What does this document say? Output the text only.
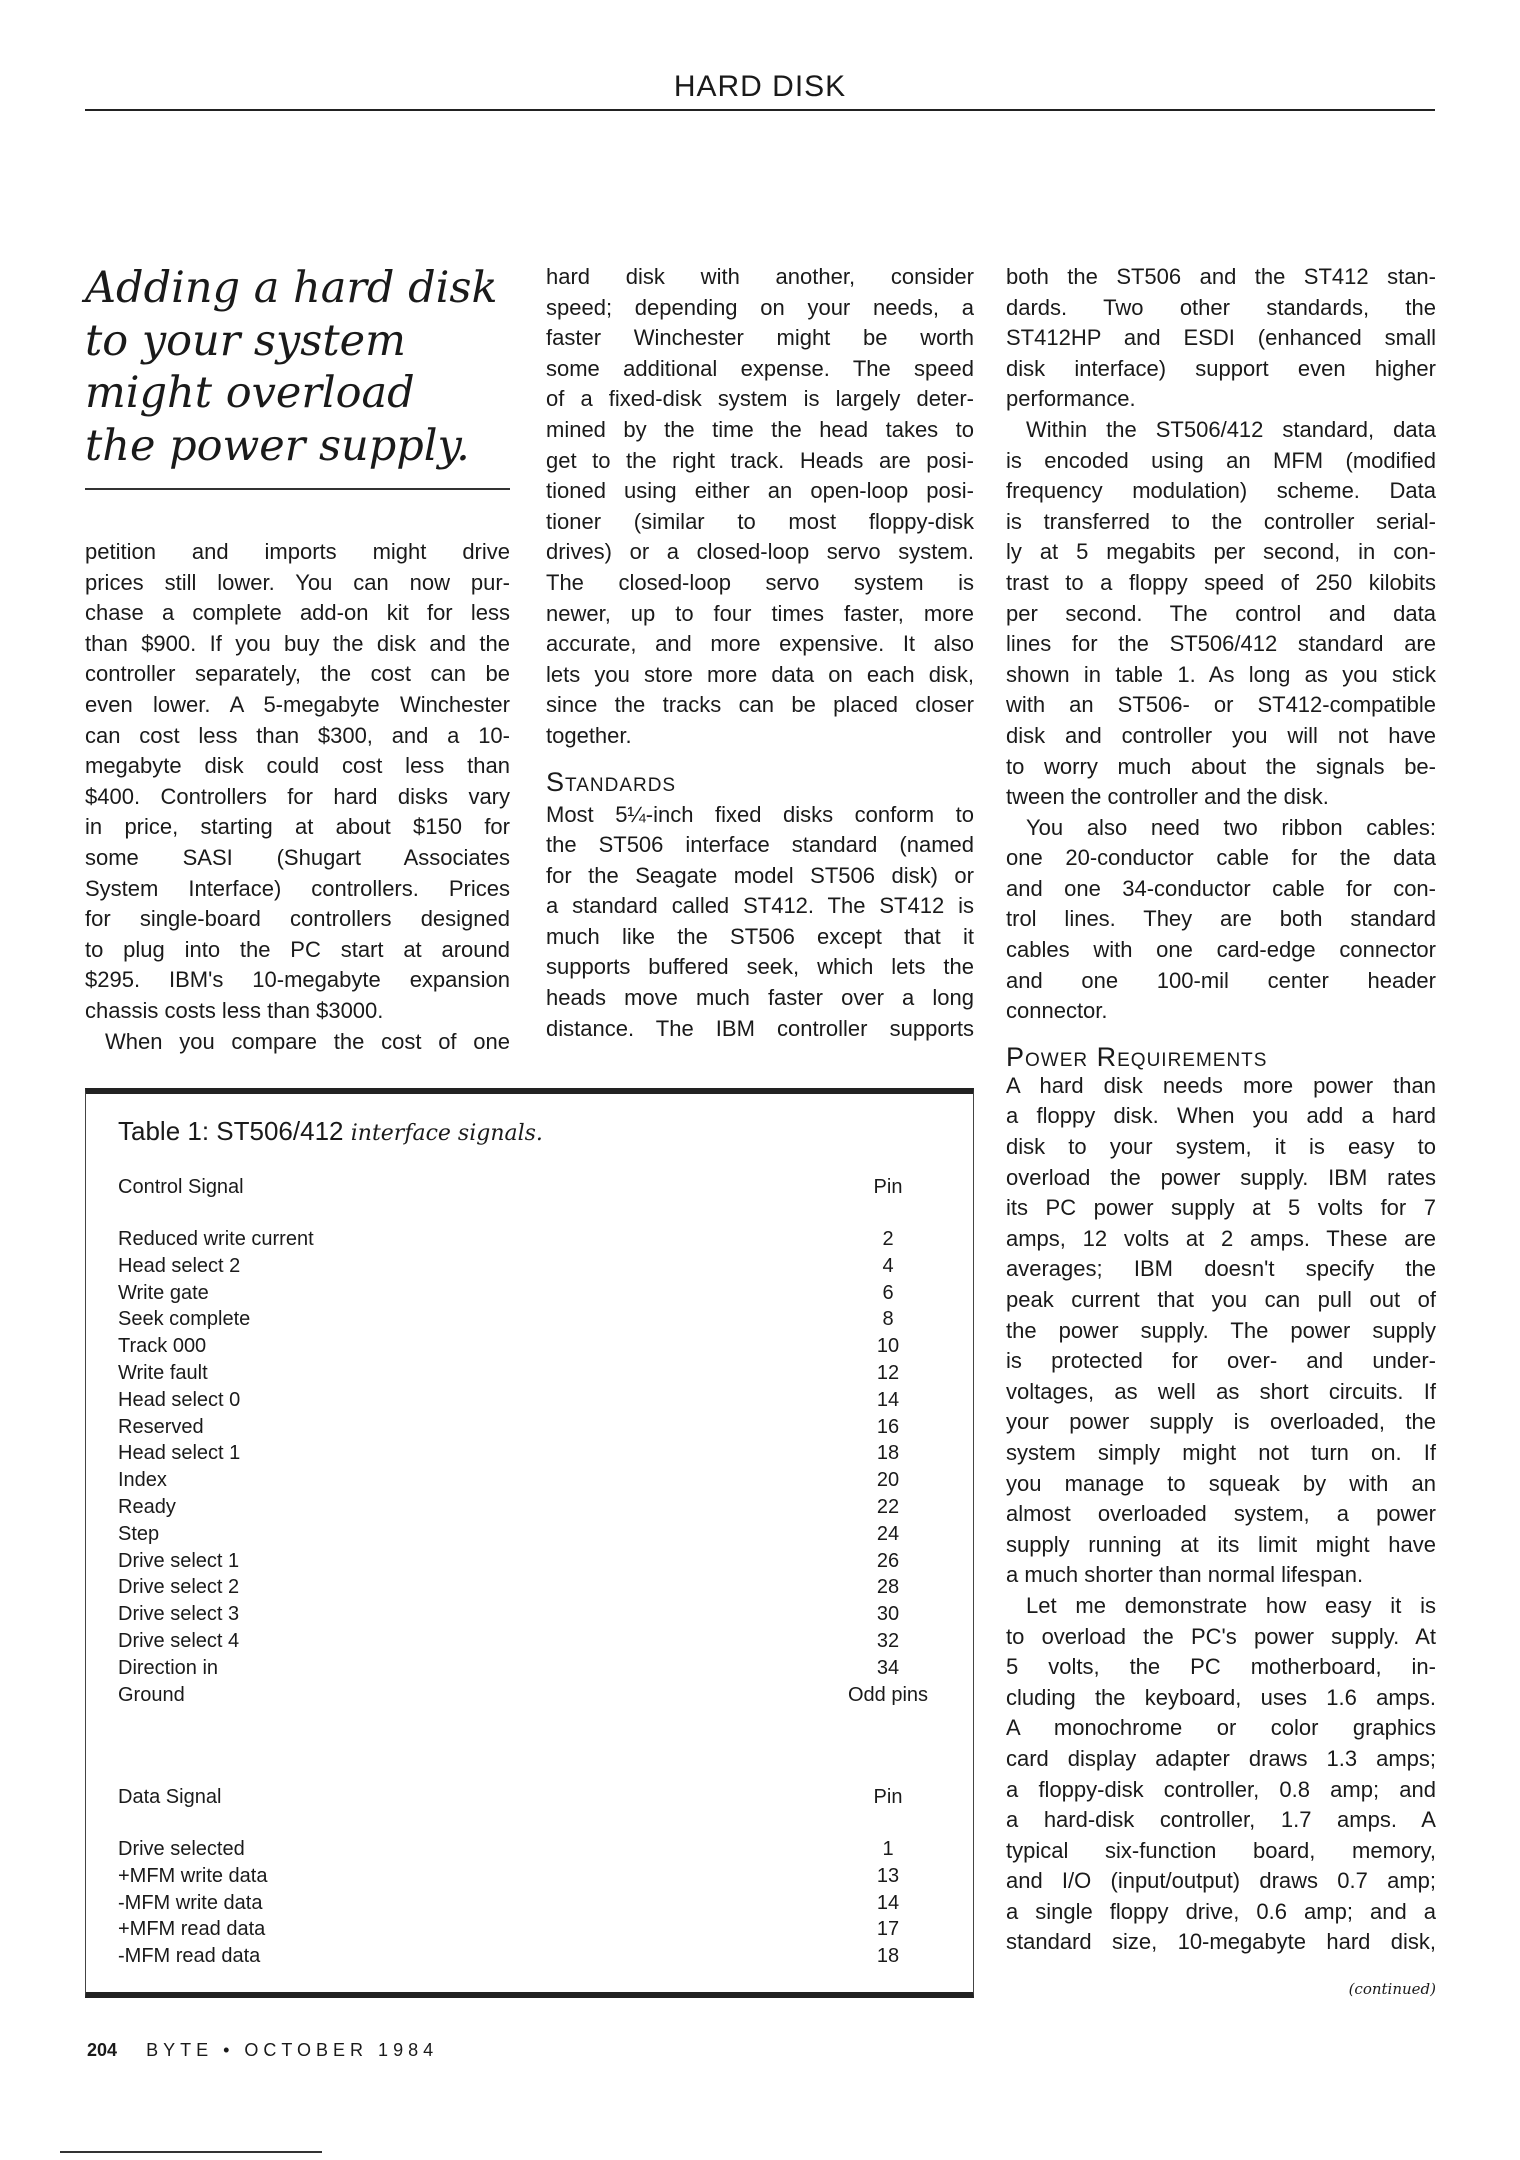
HARD DISK
Adding a hard disk
to your system
might overload
the power supply.
petition and imports might drive
prices still lower. You can now pur-
chase a complete add-on kit for less
than $900. If you buy the disk and the
controller separately, the cost can be
even lower. A 5-megabyte Winchester
can cost less than $300, and a 10-
megabyte disk could cost less than
$400. Controllers for hard disks vary
in price, starting at about $150 for
some SASI (Shugart Associates
System Interface) controllers. Prices
for single-board controllers designed
to plug into the PC start at around
$295. IBM's 10-megabyte expansion
chassis costs less than $3000.
When you compare the cost of one
hard disk with another, consider
speed; depending on your needs, a
faster Winchester might be worth
some additional expense. The speed
of a fixed-disk system is largely deter-
mined by the time the head takes to
get to the right track. Heads are posi-
tioned using either an open-loop posi-
tioner (similar to most floppy-disk
drives) or a closed-loop servo system.
The closed-loop servo system is
newer, up to four times faster, more
accurate, and more expensive. It also
lets you store more data on each disk,
since the tracks can be placed closer
together.
Standards
Most 5¼-inch fixed disks conform to
the ST506 interface standard (named
for the Seagate model ST506 disk) or
a standard called ST412. The ST412 is
much like the ST506 except that it
supports buffered seek, which lets the
heads move much faster over a long
distance. The IBM controller supports
both the ST506 and the ST412 stan-
dards. Two other standards, the
ST412HP and ESDI (enhanced small
disk interface) support even higher
performance.
Within the ST506/412 standard, data
is encoded using an MFM (modified
frequency modulation) scheme. Data
is transferred to the controller serial-
ly at 5 megabits per second, in con-
trast to a floppy speed of 250 kilobits
per second. The control and data
lines for the ST506/412 standard are
shown in table 1. As long as you stick
with an ST506- or ST412-compatible
disk and controller you will not have
to worry much about the signals be-
tween the controller and the disk.
You also need two ribbon cables:
one 20-conductor cable for the data
and one 34-conductor cable for con-
trol lines. They are both standard
cables with one card-edge connector
and one 100-mil center header
connector.
Power Requirements
A hard disk needs more power than
a floppy disk. When you add a hard
disk to your system, it is easy to
overload the power supply. IBM rates
its PC power supply at 5 volts for 7
amps, 12 volts at 2 amps. These are
averages; IBM doesn't specify the
peak current that you can pull out of
the power supply. The power supply
is protected for over- and under-
voltages, as well as short circuits. If
your power supply is overloaded, the
system simply might not turn on. If
you manage to squeak by with an
almost overloaded system, a power
supply running at its limit might have
a much shorter than normal lifespan.
Let me demonstrate how easy it is
to overload the PC's power supply. At
5 volts, the PC motherboard, in-
cluding the keyboard, uses 1.6 amps.
A monochrome or color graphics
card display adapter draws 1.3 amps;
a floppy-disk controller, 0.8 amp; and
a hard-disk controller, 1.7 amps. A
typical six-function board, memory,
and I/O (input/output) draws 0.7 amp;
a single floppy drive, 0.6 amp; and a
standard size, 10-megabyte hard disk,
(continued)
Table 1: ST506/412 interface signals.
Control Signal	Pin
Reduced write current	2
Head select 2	4
Write gate	6
Seek complete	8
Track 000	10
Write fault	12
Head select 0	14
Reserved	16
Head select 1	18
Index	20
Ready	22
Step	24
Drive select 1	26
Drive select 2	28
Drive select 3	30
Drive select 4	32
Direction in	34
Ground	Odd pins
Data Signal	Pin
Drive selected	1
+MFM write data	13
-MFM write data	14
+MFM read data	17
-MFM read data	18
204 BYTE • OCTOBER 1984
